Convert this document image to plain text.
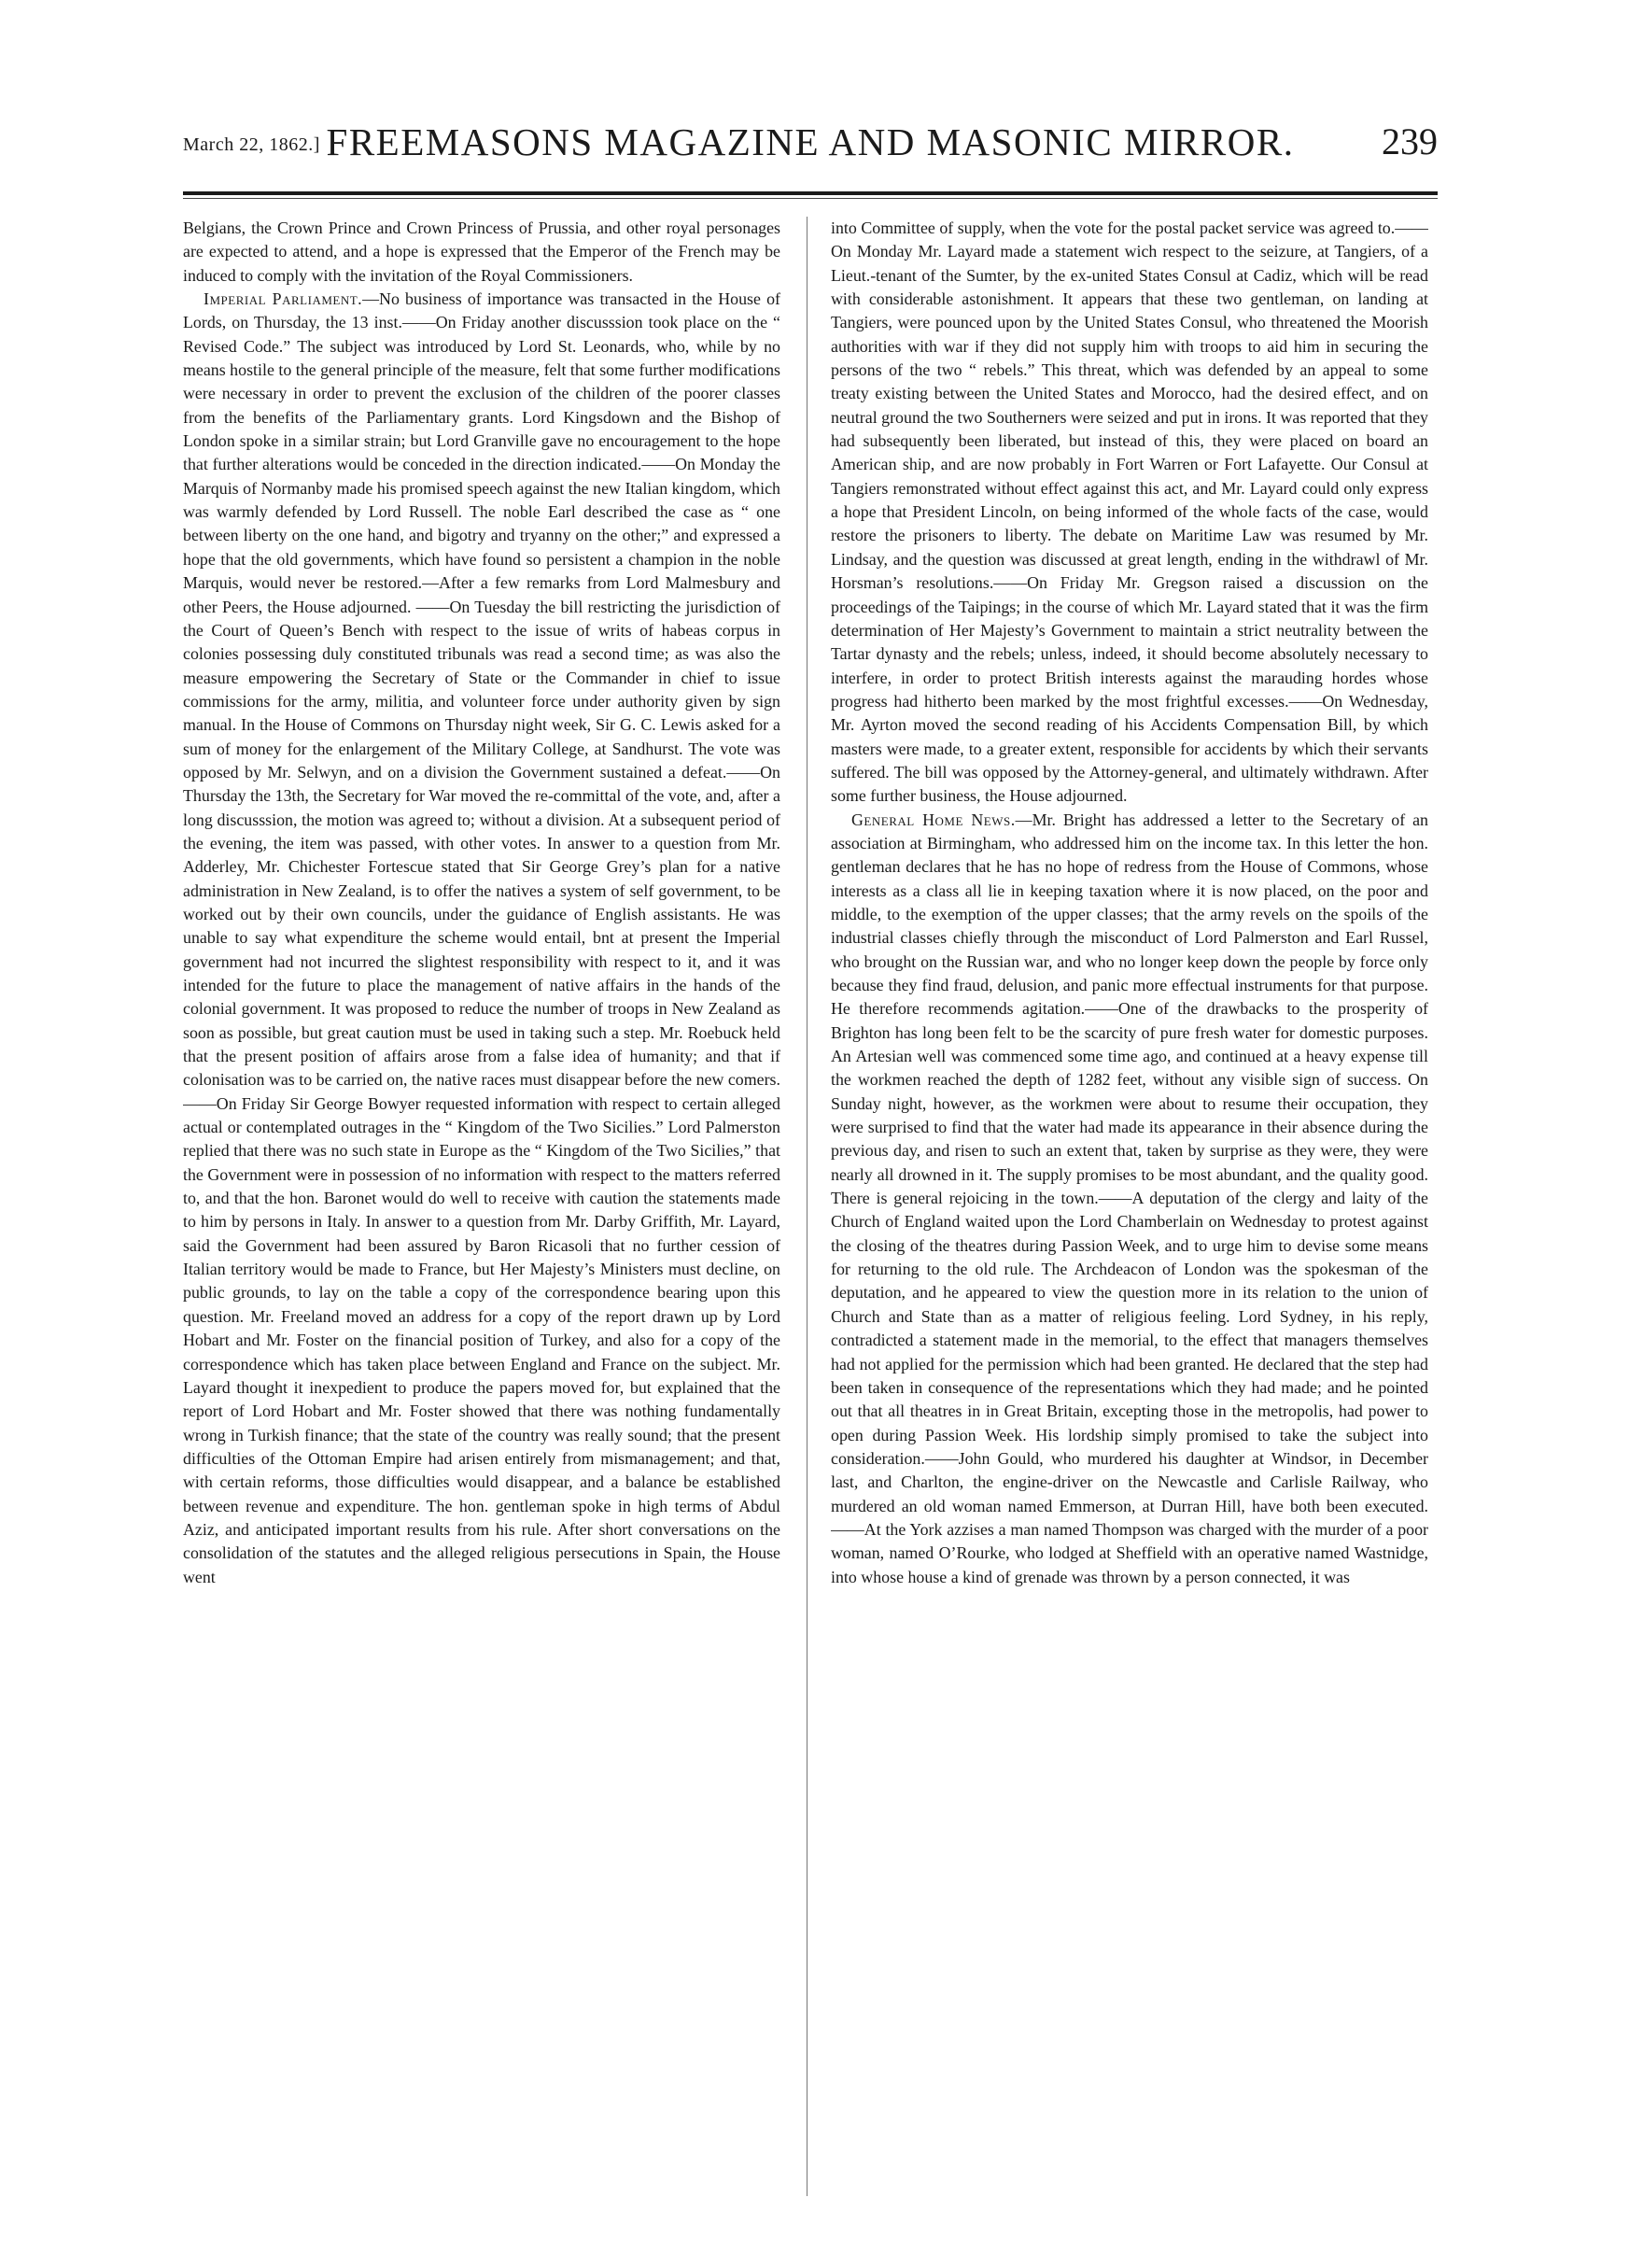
March 22, 1862.] FREEMASONS MAGAZINE AND MASONIC MIRROR.	239

Belgians, the Crown Prince and Crown Princess of Prussia, and other royal personages are expected to attend, and a hope is expressed that the Emperor of the French may be induced to comply with the invitation of the Royal Commissioners.

Imperial Parliament.—No business of importance was transacted in the House of Lords, on Thursday, the 13 inst.——On Friday another discusssion took place on the “ Revised Code.” The subject was introduced by Lord St. Leonards, who, while by no means hostile to the general principle of the measure, felt that some further modifications were necessary in order to prevent the exclusion of the children of the poorer classes from the benefits of the Parliamentary grants. Lord Kingsdown and the Bishop of London spoke in a similar strain; but Lord Granville gave no encouragement to the hope that further alterations would be conceded in the direction indicated.——On Monday the Marquis of Normanby made his promised speech against the new Italian kingdom, which was warmly defended by Lord Russell. The noble Earl described the case as “ one between liberty on the one hand, and bigotry and tryanny on the other;” and expressed a hope that the old governments, which have found so persistent a champion in the noble Marquis, would never be restored.—After a few remarks from Lord Malmesbury and other Peers, the House adjourned. ——On Tuesday the bill restricting the jurisdiction of the Court of Queen’s Bench with respect to the issue of writs of habeas corpus in colonies possessing duly constituted tribunals was read a second time; as was also the measure empowering the Secretary of State or the Commander in chief to issue commissions for the army, militia, and volunteer force under authority given by sign manual. In the House of Commons on Thursday night week, Sir G. C. Lewis asked for a sum of money for the enlargement of the Military College, at Sandhurst. The vote was opposed by Mr. Selwyn, and on a division the Government sustained a defeat.——On Thursday the 13th, the Secretary for War moved the re-committal of the vote, and, after a long discusssion, the motion was agreed to; without a division. At a subsequent period of the evening, the item was passed, with other votes. In answer to a question from Mr. Adderley, Mr. Chichester Fortescue stated that Sir George Grey’s plan for a native administration in New Zealand, is to offer the natives a system of self government, to be worked out by their own councils, under the guidance of English assistants. He was unable to say what expenditure the scheme would entail, bnt at present the Imperial government had not incurred the slightest responsibility with respect to it, and it was intended for the future to place the management of native affairs in the hands of the colonial government. It was proposed to reduce the number of troops in New Zealand as soon as possible, but great caution must be used in taking such a step. Mr. Roebuck held that the present position of affairs arose from a false idea of humanity; and that if colonisation was to be carried on, the native races must disappear before the new comers.——On Friday Sir George Bowyer requested information with respect to certain alleged actual or contemplated outrages in the “ Kingdom of the Two Sicilies.” Lord Palmerston replied that there was no such state in Europe as the “ Kingdom of the Two Sicilies,” that the Government were in possession of no information with respect to the matters referred to, and that the hon. Baronet would do well to receive with caution the statements made to him by persons in Italy. In answer to a question from Mr. Darby Griffith, Mr. Layard, said the Government had been assured by Baron Ricasoli that no further cession of Italian territory would be made to France, but Her Majesty’s Ministers must decline, on public grounds, to lay on the table a copy of the correspondence bearing upon this question. Mr. Freeland moved an address for a copy of the report drawn up by Lord Hobart and Mr. Foster on the financial position of Turkey, and also for a copy of the correspondence which has taken place between England and France on the subject. Mr. Layard thought it inexpedient to produce the papers moved for, but explained that the report of Lord Hobart and Mr. Foster showed that there was nothing fundamentally wrong in Turkish finance; that the state of the country was really sound; that the present difficulties of the Ottoman Empire had arisen entirely from mismanagement; and that, with certain reforms, those difficulties would disappear, and a balance be established between revenue and expenditure. The hon. gentleman spoke in high terms of Abdul Aziz, and anticipated important results from his rule. After short conversations on the consolidation of the statutes and the alleged religious persecutions in Spain, the House went

into Committee of supply, when the vote for the postal packet service was agreed to.——On Monday Mr. Layard made a statement wich respect to the seizure, at Tangiers, of a Lieut.-tenant of the Sumter, by the ex-united States Consul at Cadiz, which will be read with considerable astonishment. It appears that these two gentleman, on landing at Tangiers, were pounced upon by the United States Consul, who threatened the Moorish authorities with war if they did not supply him with troops to aid him in securing the persons of the two “ rebels.” This threat, which was defended by an appeal to some treaty existing between the United States and Morocco, had the desired effect, and on neutral ground the two Southerners were seized and put in irons. It was reported that they had subsequently been liberated, but instead of this, they were placed on board an American ship, and are now probably in Fort Warren or Fort Lafayette. Our Consul at Tangiers remonstrated without effect against this act, and Mr. Layard could only express a hope that President Lincoln, on being informed of the whole facts of the case, would restore the prisoners to liberty. The debate on Maritime Law was resumed by Mr. Lindsay, and the question was discussed at great length, ending in the withdrawl of Mr. Horsman’s resolutions.——On Friday Mr. Gregson raised a discussion on the proceedings of the Taipings; in the course of which Mr. Layard stated that it was the firm determination of Her Majesty’s Government to maintain a strict neutrality between the Tartar dynasty and the rebels; unless, indeed, it should become absolutely necessary to interfere, in order to protect British interests against the marauding hordes whose progress had hitherto been marked by the most frightful excesses.——On Wednesday, Mr. Ayrton moved the second reading of his Accidents Compensation Bill, by which masters were made, to a greater extent, responsible for accidents by which their servants suffered. The bill was opposed by the Attorney-general, and ultimately withdrawn. After some further business, the House adjourned.

General Home News.—Mr. Bright has addressed a letter to the Secretary of an association at Birmingham, who addressed him on the income tax. In this letter the hon. gentleman declares that he has no hope of redress from the House of Commons, whose interests as a class all lie in keeping taxation where it is now placed, on the poor and middle, to the exemption of the upper classes; that the army revels on the spoils of the industrial classes chiefly through the misconduct of Lord Palmerston and Earl Russel, who brought on the Russian war, and who no longer keep down the people by force only because they find fraud, delusion, and panic more effectual instruments for that purpose. He therefore recommends agitation.——One of the drawbacks to the prosperity of Brighton has long been felt to be the scarcity of pure fresh water for domestic purposes. An Artesian well was commenced some time ago, and continued at a heavy expense till the workmen reached the depth of 1282 feet, without any visible sign of success. On Sunday night, however, as the workmen were about to resume their occupation, they were surprised to find that the water had made its appearance in their absence during the previous day, and risen to such an extent that, taken by surprise as they were, they were nearly all drowned in it. The supply promises to be most abundant, and the quality good. There is general rejoicing in the town.——A deputation of the clergy and laity of the Church of England waited upon the Lord Chamberlain on Wednesday to protest against the closing of the theatres during Passion Week, and to urge him to devise some means for returning to the old rule. The Archdeacon of London was the spokesman of the deputation, and he appeared to view the question more in its relation to the union of Church and State than as a matter of religious feeling. Lord Sydney, in his reply, contradicted a statement made in the memorial, to the effect that managers themselves had not applied for the permission which had been granted. He declared that the step had been taken in consequence of the representations which they had made; and he pointed out that all theatres in in Great Britain, excepting those in the metropolis, had power to open during Passion Week. His lordship simply promised to take the subject into consideration.——John Gould, who murdered his daughter at Windsor, in December last, and Charlton, the engine-driver on the Newcastle and Carlisle Railway, who murdered an old woman named Emmerson, at Durran Hill, have both been executed.——At the York azzises a man named Thompson was charged with the murder of a poor woman, named O’Rourke, who lodged at Sheffield with an operative named Wastnidge, into whose house a kind of grenade was thrown by a person connected, it was
